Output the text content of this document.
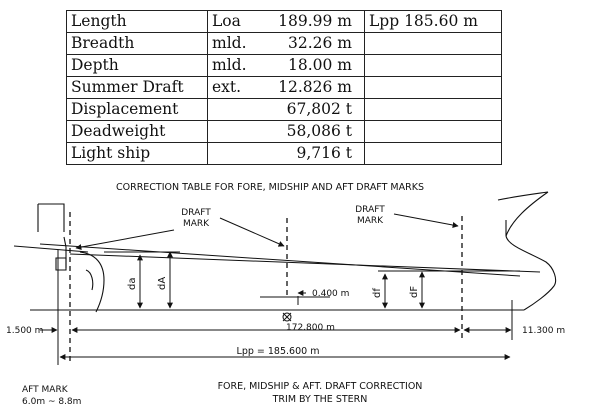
Length	Loa 189.99 m	Lpp 185.60 m
Breadth	mld. 32.26 m	
Depth	mld. 18.00 m	
Summer Draft	ext. 12.826 m	
Displacement	67,802 t	
Deadweight	58,086 t	
Light ship	9,716 t	
CORRECTION TABLE FOR FORE, MIDSHIP AND AFT DRAFT MARKS
DRAFT
MARK
DRAFT
MARK
da dA
df	dF
0.400 m
172.800 m
1.500 m	11.300 m
Lpp = 185.600 m
AFT MARK
6.0m ~ 8.8m
FORE, MIDSHIP & AFT. DRAFT CORRECTION
TRIM BY THE STERN
